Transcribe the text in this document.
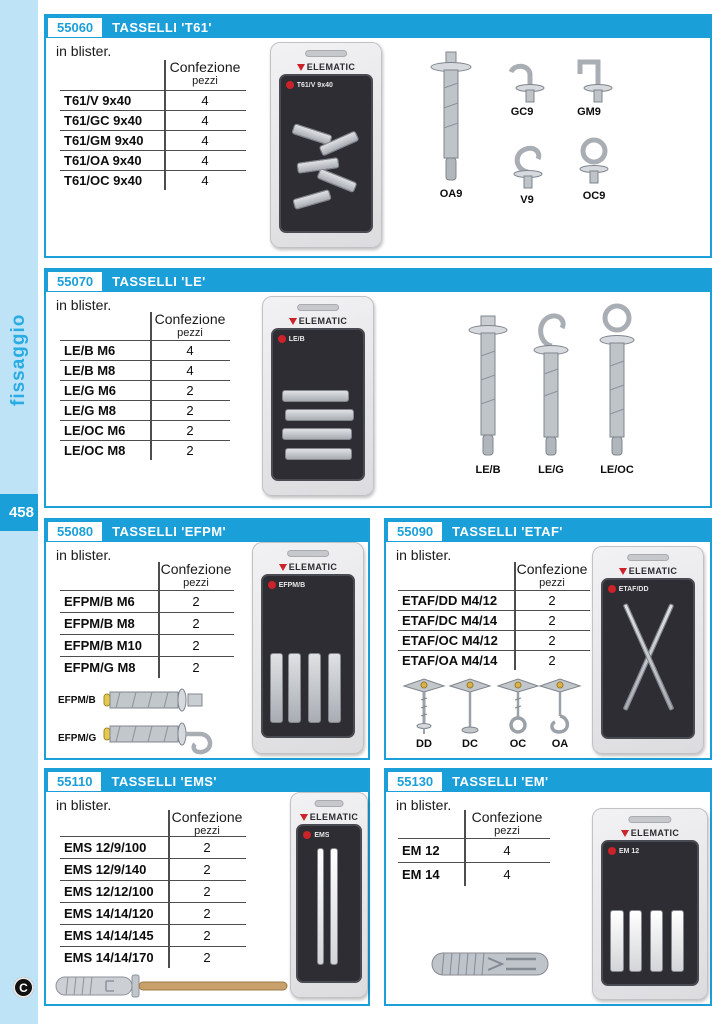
fissaggio
458
C
55060	TASSELLI 'T61'
in blister.
Confezione
pezzi
T61/V 9x40	4
T61/GC 9x40	4
T61/GM 9x40	4
T61/OA 9x40	4
T61/OC 9x40	4
ELEMATIC
T61/V 9x40
OA9
GC9	GM9
V9	OC9
55070	TASSELLI 'LE'
in blister.
Confezione
pezzi
LE/B M6	4
LE/B M8	4
LE/G M6	2
LE/G M8	2
LE/OC M6	2
LE/OC M8	2
ELEMATIC
LE/B
LE/B	LE/G	LE/OC
55080	TASSELLI 'EFPM'
in blister.
Confezione
pezzi
EFPM/B M6	2
EFPM/B M8	2
EFPM/B M10	2
EFPM/G M8	2
EFPM/B
EFPM/G
ELEMATIC
EFPM/B
55090	TASSELLI 'ETAF'
in blister.
Confezione
pezzi
ETAF/DD M4/12	2
ETAF/DC M4/14	2
ETAF/OC M4/12	2
ETAF/OA M4/14	2
DD	DC	OC	OA
ELEMATIC
ETAF/DD
55110	TASSELLI 'EMS'
in blister.
Confezione
pezzi
EMS 12/9/100	2
EMS 12/9/140	2
EMS 12/12/100	2
EMS 14/14/120	2
EMS 14/14/145	2
EMS 14/14/170	2
ELEMATIC
EMS
55130	TASSELLI 'EM'
in blister.
Confezione
pezzi
EM 12	4
EM 14	4
ELEMATIC
EM 12
